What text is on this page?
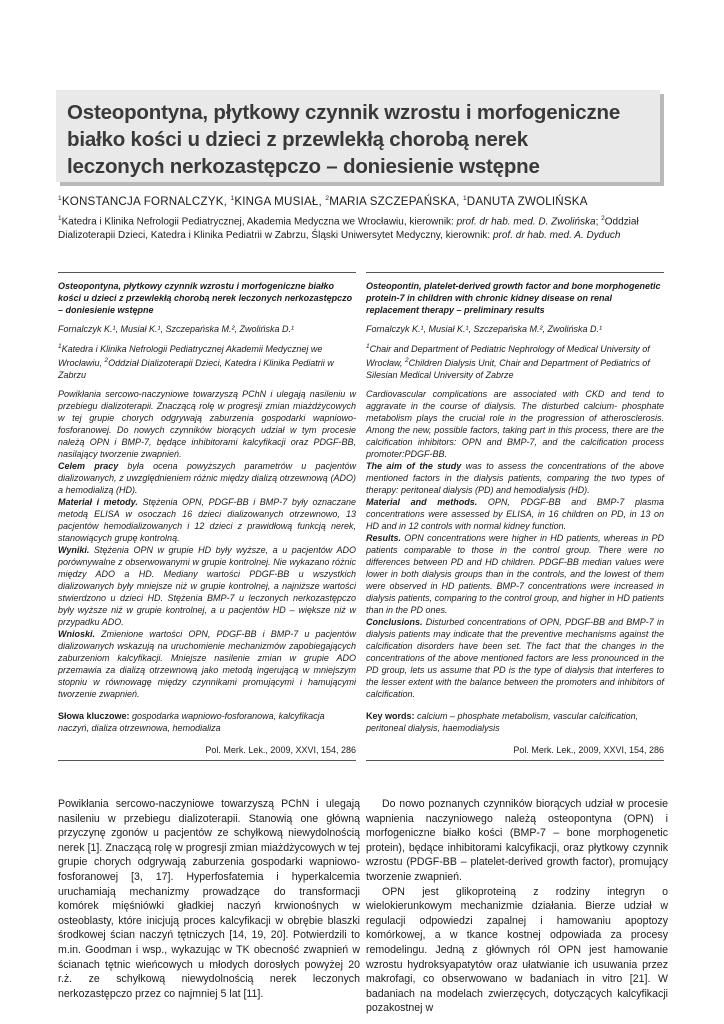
Osteopontyna, płytkowy czynnik wzrostu i morfogeniczne
białko kości u dzieci z przewlekłą chorobą nerek
leczonych nerkozastępczo – doniesienie wstępne
$^1$KONSTANCJA FORNALCZYK, $^1$KINGA MUSIAŁ, $^2$MARIA SZCZEPAŃSKA, $^1$DANUTA ZWOLIŃSKA
$^1$Katedra i Klinika Nefrologii Pediatrycznej, Akademia Medyczna we Wrocławiu, kierownik: prof. dr hab. med. D. Zwolińska; $^2$Oddział Dializoterapii Dzieci, Katedra i Klinika Pediatrii w Zabrzu, Śląski Uniwersytet Medyczny, kierownik: prof. dr hab. med. A. Dyduch
Osteopontyna, płytkowy czynnik wzrostu i morfogeniczne białko kości u dzieci z przewlekłą chorobą nerek leczonych nerkozastępczo – doniesienie wstępne
Fornalczyk K.¹, Musiał K.¹, Szczepańska M.², Zwolińska D.¹
$^1$Katedra i Klinika Nefrologii Pediatrycznej Akademii Medycznej we Wrocławiu, $^2$Oddział Dializoterapii Dzieci, Katedra i Klinika Pediatrii w Zabrzu
Powikłania sercowo-naczyniowe towarzyszą PChN i ulegają nasileniu w przebiegu dializoterapii. Znaczącą rolę w progresji zmian miażdżycowych w tej grupie chorych odgrywają zaburzenia gospodarki wapniowo-fosforanowej. Do nowych czynników biorących udział w tym procesie należą OPN i BMP-7, będące inhibitorami kalcyfikacji oraz PDGF-BB, nasilający tworzenie zwapnień.
Celem pracy była ocena powyższych parametrów u pacjentów dializowanych, z uwzględnieniem różnic między dializą otrzewnową (ADO) a hemodializą (HD).
Materiał i metody. Stężenia OPN, PDGF-BB i BMP-7 były oznaczane metodą ELISA w osoczach 16 dzieci dializowanych otrzewnowo, 13 pacjentów hemodializowanych i 12 dzieci z prawidłową funkcją nerek, stanowiących grupę kontrolną.
Wyniki. Stężenia OPN w grupie HD były wyższe, a u pacjentów ADO porównywalne z obserwowanymi w grupie kontrolnej. Nie wykazano różnic między ADO a HD. Mediany wartości PDGF-BB u wszystkich dializowanych były mniejsze niż w grupie kontrolnej, a najniższe wartości stwierdzono u dzieci HD. Stężenia BMP-7 u leczonych nerkozastępczo były wyższe niż w grupie kontrolnej, a u pacjentów HD – większe niż w przypadku ADO.
Wnioski. Zmienione wartości OPN, PDGF-BB i BMP-7 u pacjentów dializowanych wskazują na uruchomienie mechanizmów zapobiegających zaburzeniom kalcyfikacji. Mniejsze nasilenie zmian w grupie ADO przemawia za dializą otrzewnową jako metodą ingerującą w mniejszym stopniu w równowagę między czynnikami promującymi i hamującymi tworzenie zwapnień.
Słowa kluczowe: gospodarka wapniowo-fosforanowa, kalcyfikacja naczyń, dializa otrzewnowa, hemodializa
Pol. Merk. Lek., 2009, XXVI, 154, 286
Osteopontin, platelet-derived growth factor and bone morphogenetic protein-7 in children with chronic kidney disease on renal replacement therapy – preliminary results
Fornalczyk K.¹, Musiał K.¹, Szczepańska M.², Zwolińska D.¹
$^1$Chair and Department of Pediatric Nephrology of Medical University of Wrocław, $^2$Children Dialysis Unit, Chair and Department of Pediatrics of Silesian Medical University of Zabrze
Cardiovascular complications are associated with CKD and tend to aggravate in the course of dialysis. The disturbed calcium- phosphate metabolism plays the crucial role in the progression of atherosclerosis. Among the new, possible factors, taking part in this process, there are the calcification inhibitors: OPN and BMP-7, and the calcification process promoter:PDGF-BB.
The aim of the study was to assess the concentrations of the above mentioned factors in the dialysis patients, comparing the two types of therapy: peritoneal dialysis (PD) and hemodialysis (HD).
Material and methods. OPN, PDGF-BB and BMP-7 plasma concentrations were assessed by ELISA, in 16 children on PD, in 13 on HD and in 12 controls with normal kidney function.
Results. OPN concentrations were higher in HD patients, whereas in PD patients comparable to those in the control group. There were no differences between PD and HD children. PDGF-BB median values were lower in both dialysis groups than in the controls, and the lowest of them were observed in HD patients. BMP-7 concentrations were increased in dialysis patients, comparing to the control group, and higher in HD patients than in the PD ones.
Conclusions. Disturbed concentrations of OPN, PDGF-BB and BMP-7 in dialysis patients may indicate that the preventive mechanisms against the calcification disorders have been set. The fact that the changes in the concentrations of the above mentioned factors are less pronounced in the PD group, lets us assume that PD is the type of dialysis that interferes to the lesser extent with the balance between the promoters and inhibitors of calcification.
Key words: calcium – phosphate metabolism, vascular calcification, peritoneal dialysis, haemodialysis
Pol. Merk. Lek., 2009, XXVI, 154, 286

Powikłania sercowo-naczyniowe towarzyszą PChN i ulegają nasileniu w przebiegu dializoterapii. Stanowią one główną przyczynę zgonów u pacjentów ze schyłkową niewydolnością nerek [1]. Znaczącą rolę w progresji zmian miażdżycowych w tej grupie chorych odgrywają zaburzenia gospodarki wapniowo-fosforanowej [3, 17]. Hyperfosfatemia i hyperkalcemia uruchamiają mechanizmy prowadzące do transformacji komórek mięśniówki gładkiej naczyń krwionośnych w osteoblasty, które inicjują proces kalcyfikacji w obrębie blaszki środkowej ścian naczyń tętniczych [14, 19, 20]. Potwierdzili to m.in. Goodman i wsp., wykazując w TK obecność zwapnień w ścianach tętnic wieńcowych u młodych dorosłych powyżej 20 r.ż. ze schyłkową niewydolnością nerek leczonych nerkozastępczo przez co najmniej 5 lat [11].

Do nowo poznanych czynników biorących udział w procesie wapnienia naczyniowego należą osteopontyna (OPN) i morfogeniczne białko kości (BMP-7 – bone morphogenetic protein), będące inhibitorami kalcyfikacji, oraz płytkowy czynnik wzrostu (PDGF-BB – platelet-derived growth factor), promujący tworzenie zwapnień.

OPN jest glikoproteiną z rodziny integryn o wielokierunkowym mechanizmie działania. Bierze udział w regulacji odpowiedzi zapalnej i hamowaniu apoptozy komórkowej, a w tkance kostnej odpowiada za procesy remodelingu. Jedną z głównych ról OPN jest hamowanie wzrostu hydroksyapatytów oraz ułatwianie ich usuwania przez makrofagi, co obserwowano w badaniach in vitro [21]. W badaniach na modelach zwierzęcych, dotyczących kalcyfikacji pozakostnej w
